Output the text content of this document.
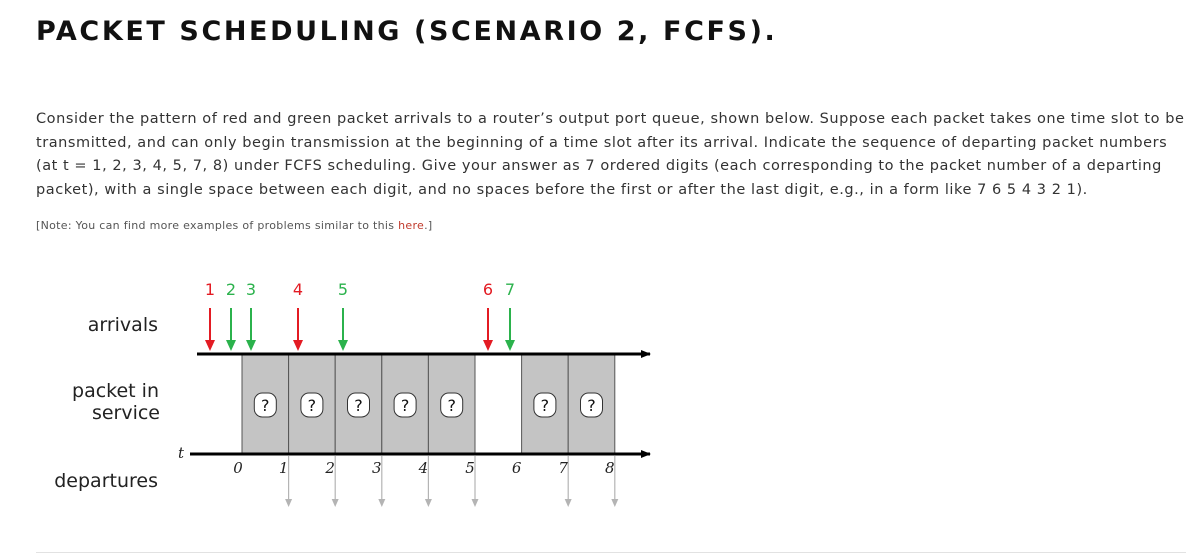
PACKET SCHEDULING (SCENARIO 2, FCFS).

Consider the pattern of red and green packet arrivals to a router’s output port queue, shown below. Suppose each packet takes one time slot to be transmitted, and can only begin transmission at the beginning of a time slot after its arrival. Indicate the sequence of departing packet numbers (at t = 1, 2, 3, 4, 5, 7, 8) under FCFS scheduling. Give your answer as 7 ordered digits (each corresponding to the packet number of a departing packet), with a single space between each digit, and no spaces before the first or after the last digit, e.g., in a form like 7 6 5 4 3 2 1).

[Note: You can find more examples of problems similar to this here.]

? ? ? ? ?	? ?
1 2 3 4 5	6 7
0 1 2 3 4 5 6 7 8
arrivals
packet in
service
departures
t
